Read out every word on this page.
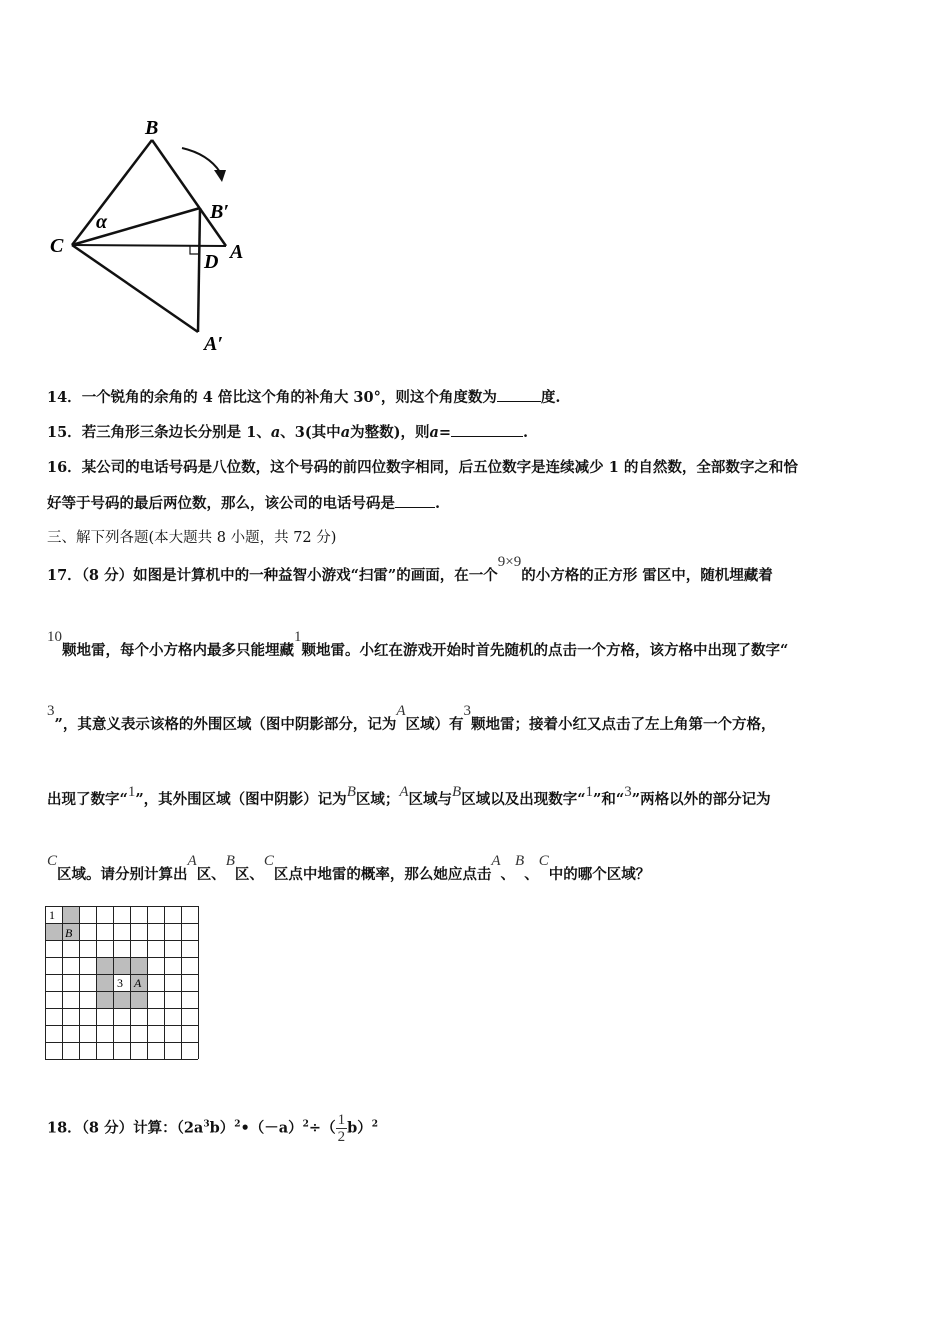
B
B′
C	A
D
A′
α
14．一个锐角的余角的 4 倍比这个角的补角大 30°，则这个角度数为	度.
15．若三角形三条边长分别是 1、a、3(其中a为整数)，则a=	.
16．某公司的电话号码是八位数，这个号码的前四位数字相同，后五位数字是连续减少 1 的自然数，全部数字之和恰
好等于号码的最后两位数，那么，该公司的电话号码是	.
三、解下列各题(本大题共 8 小题，共 72 分)
17．（8 分）如图是计算机中的一种益智小游戏“扫雷”的画面，在一个9×9的小方格的正方形 雷区中，随机埋藏着
10颗地雷，每个小方格内最多只能埋藏1颗地雷。小红在游戏开始时首先随机的点击一个方格，该方格中出现了数字“
3”，其意义表示该格的外围区域（图中阴影部分，记为A区域）有3颗地雷；接着小红又点击了左上角第一个方格，
出现了数字“1”，其外围区域（图中阴影）记为B区域；A区域与B区域以及出现数字“1”和“3”两格以外的部分记为
C区域。请分别计算出A区、B区、C区点中地雷的概率，那么她应点击A、B、C中的哪个区域？
1
B
3 A
18．（8 分）计算：$(2a^3b)^2•(-a)^2\div( \frac{1}{2} b)^2$
